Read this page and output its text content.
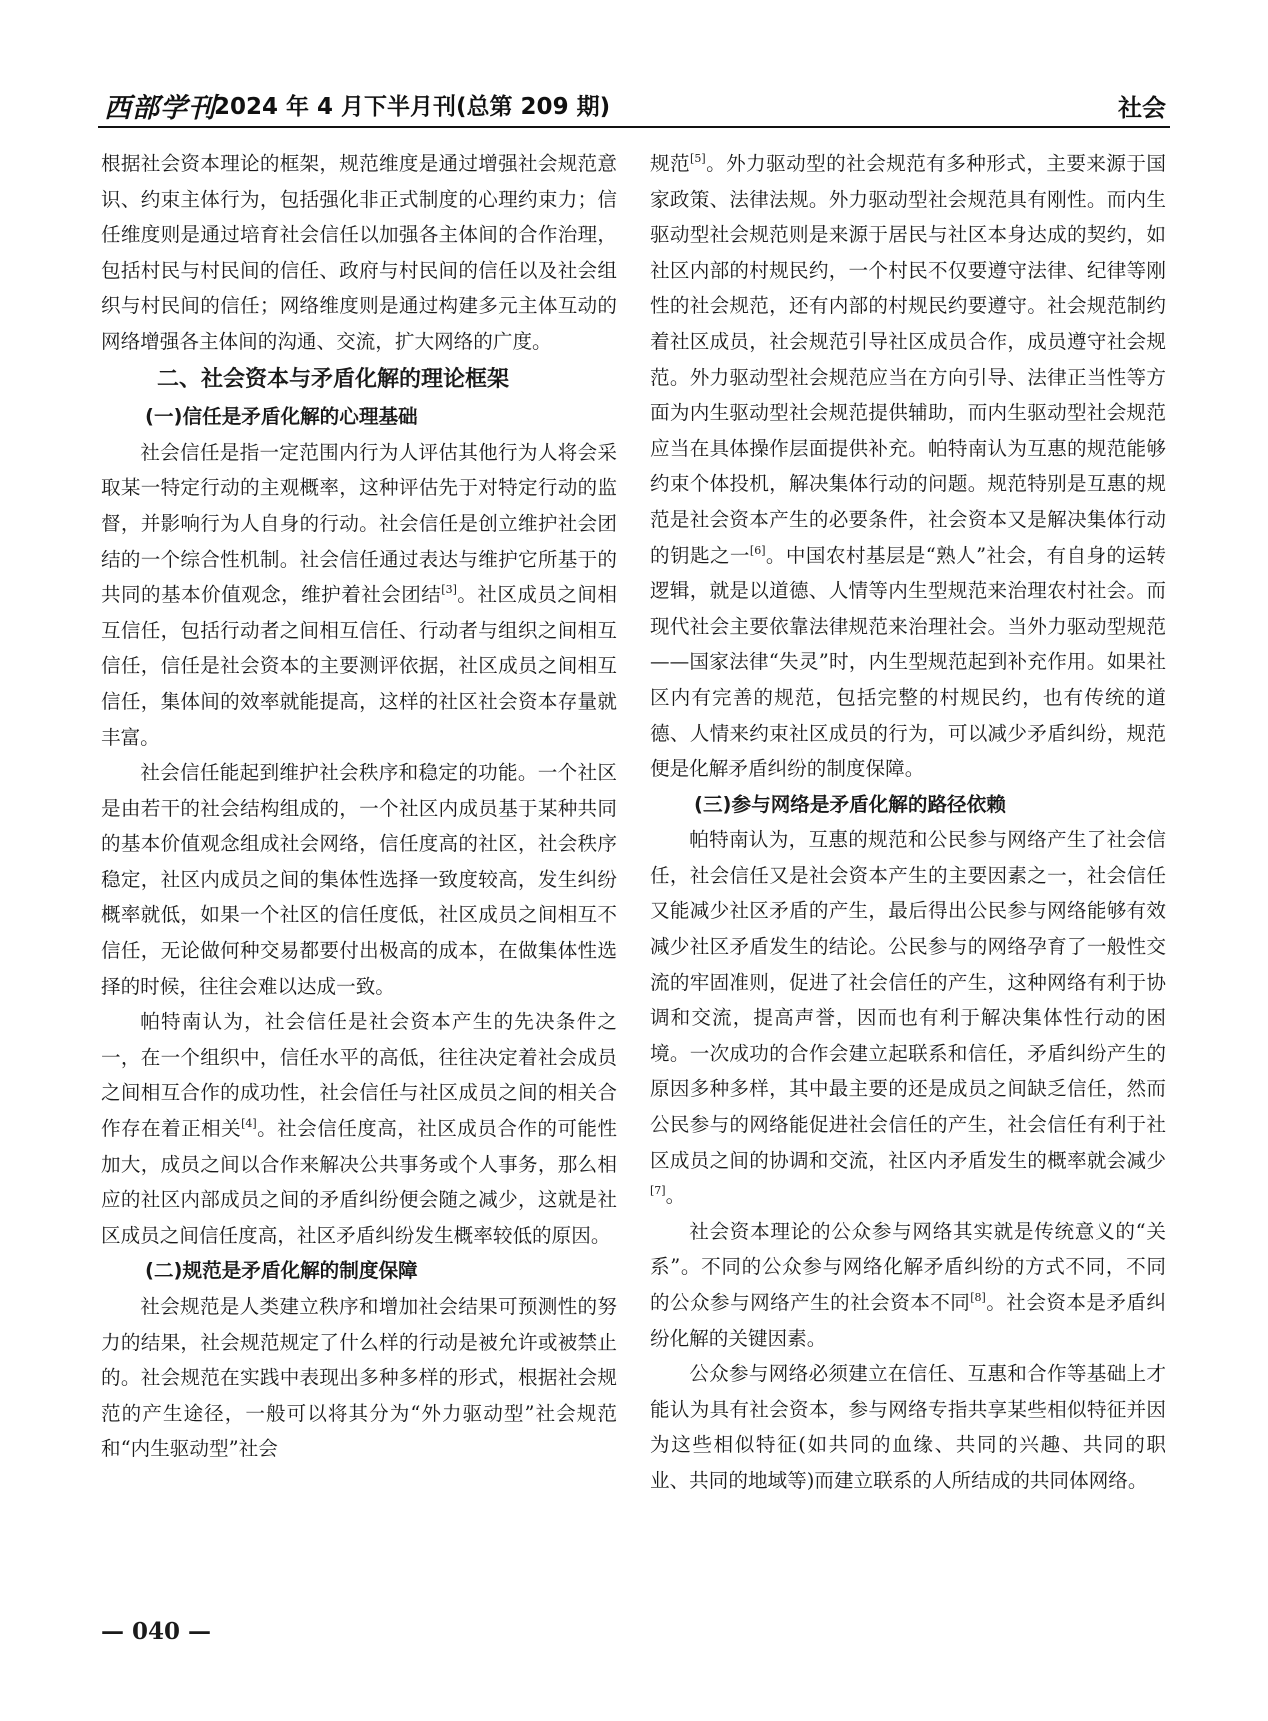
西部学刊
2024 年 4 月下半月刊(总第 209 期)	社会

根据社会资本理论的框架，规范维度是通过增强社会规范意识、约束主体行为，包括强化非正式制度的心理约束力；信任维度则是通过培育社会信任以加强各主体间的合作治理，包括村民与村民间的信任、政府与村民间的信任以及社会组织与村民间的信任；网络维度则是通过构建多元主体互动的网络增强各主体间的沟通、交流，扩大网络的广度。

二、社会资本与矛盾化解的理论框架
(一)信任是矛盾化解的心理基础

社会信任是指一定范围内行为人评估其他行为人将会采取某一特定行动的主观概率，这种评估先于对特定行动的监督，并影响行为人自身的行动。社会信任是创立维护社会团结的一个综合性机制。社会信任通过表达与维护它所基于的共同的基本价值观念，维护着社会团结[3]。社区成员之间相互信任，包括行动者之间相互信任、行动者与组织之间相互信任，信任是社会资本的主要测评依据，社区成员之间相互信任，集体间的效率就能提高，这样的社区社会资本存量就丰富。

社会信任能起到维护社会秩序和稳定的功能。一个社区是由若干的社会结构组成的，一个社区内成员基于某种共同的基本价值观念组成社会网络，信任度高的社区，社会秩序稳定，社区内成员之间的集体性选择一致度较高，发生纠纷概率就低，如果一个社区的信任度低，社区成员之间相互不信任，无论做何种交易都要付出极高的成本，在做集体性选择的时候，往往会难以达成一致。

帕特南认为，社会信任是社会资本产生的先决条件之一，在一个组织中，信任水平的高低，往往决定着社会成员之间相互合作的成功性，社会信任与社区成员之间的相关合作存在着正相关[4]。社会信任度高，社区成员合作的可能性加大，成员之间以合作来解决公共事务或个人事务，那么相应的社区内部成员之间的矛盾纠纷便会随之减少，这就是社区成员之间信任度高，社区矛盾纠纷发生概率较低的原因。

(二)规范是矛盾化解的制度保障

社会规范是人类建立秩序和增加社会结果可预测性的努力的结果，社会规范规定了什么样的行动是被允许或被禁止的。社会规范在实践中表现出多种多样的形式，根据社会规范的产生途径，一般可以将其分为“外力驱动型”社会规范和“内生驱动型”社会

规范[5]。外力驱动型的社会规范有多种形式，主要来源于国家政策、法律法规。外力驱动型社会规范具有刚性。而内生驱动型社会规范则是来源于居民与社区本身达成的契约，如社区内部的村规民约，一个村民不仅要遵守法律、纪律等刚性的社会规范，还有内部的村规民约要遵守。社会规范制约着社区成员，社会规范引导社区成员合作，成员遵守社会规范。外力驱动型社会规范应当在方向引导、法律正当性等方面为内生驱动型社会规范提供辅助，而内生驱动型社会规范应当在具体操作层面提供补充。帕特南认为互惠的规范能够约束个体投机，解决集体行动的问题。规范特别是互惠的规范是社会资本产生的必要条件，社会资本又是解决集体行动的钥匙之一[6]。中国农村基层是“熟人”社会，有自身的运转逻辑，就是以道德、人情等内生型规范来治理农村社会。而现代社会主要依靠法律规范来治理社会。当外力驱动型规范——国家法律“失灵”时，内生型规范起到补充作用。如果社区内有完善的规范，包括完整的村规民约，也有传统的道德、人情来约束社区成员的行为，可以减少矛盾纠纷，规范便是化解矛盾纠纷的制度保障。

(三)参与网络是矛盾化解的路径依赖

帕特南认为，互惠的规范和公民参与网络产生了社会信任，社会信任又是社会资本产生的主要因素之一，社会信任又能减少社区矛盾的产生，最后得出公民参与网络能够有效减少社区矛盾发生的结论。公民参与的网络孕育了一般性交流的牢固准则，促进了社会信任的产生，这种网络有利于协调和交流，提高声誉，因而也有利于解决集体性行动的困境。一次成功的合作会建立起联系和信任，矛盾纠纷产生的原因多种多样，其中最主要的还是成员之间缺乏信任，然而公民参与的网络能促进社会信任的产生，社会信任有利于社区成员之间的协调和交流，社区内矛盾发生的概率就会减少[7]。

社会资本理论的公众参与网络其实就是传统意义的“关系”。不同的公众参与网络化解矛盾纠纷的方式不同，不同的公众参与网络产生的社会资本不同[8]。社会资本是矛盾纠纷化解的关键因素。

公众参与网络必须建立在信任、互惠和合作等基础上才能认为具有社会资本，参与网络专指共享某些相似特征并因为这些相似特征(如共同的血缘、共同的兴趣、共同的职业、共同的地域等)而建立联系的人所结成的共同体网络。

— 040 —
